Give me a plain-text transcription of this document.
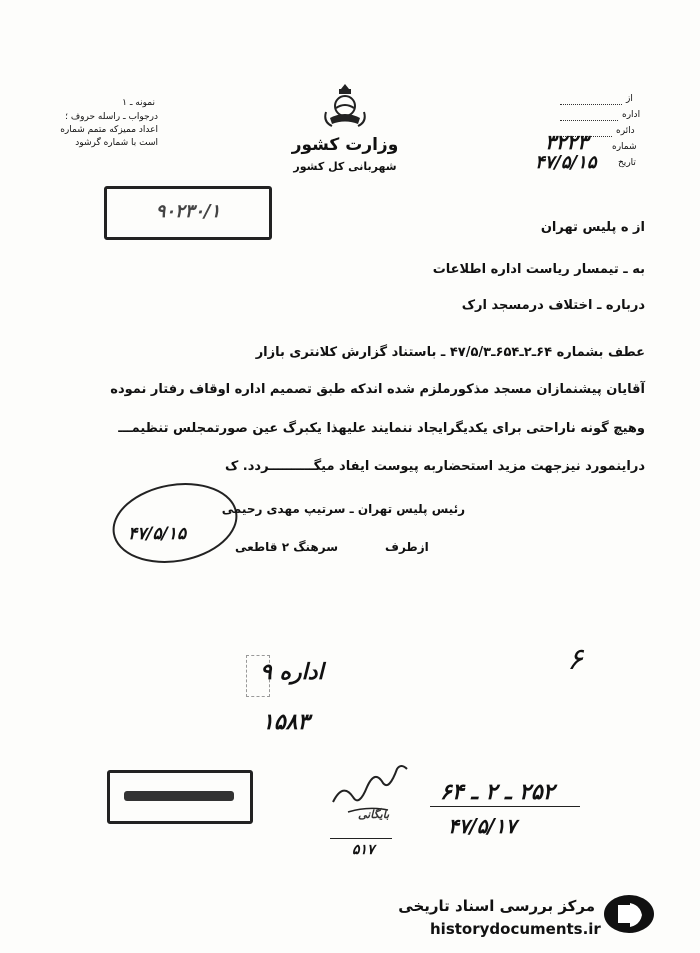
نمونه ـ ۱
درجواب ـ راسله حروف ؛
اعداد ممیزکه متمم شماره
است با شماره گرشود	وزارت کشور
شهربانی کل کشور
از
اداره
دائره
شماره
۳۲۲۳
تاریخ
۴۷/۵/۱۵
۹۰۲۳۰/۱
از ه پلیس تهران
به ـ تیمسار ریاست اداره اطلاعات
درباره ـ اختلاف درمسجد ارک
عطف بشماره ۶۴ـ۲ـ۶۵۴ـ۴۷/۵/۳ ـ باستناد گزارش کلانتری بازار
آقایان پیشنمازان مسجد مذکورملزم شده اندکه طبق تصمیم اداره اوقاف رفتار نموده
وهیچ گونه ناراحتی برای یکدیگرایجاد ننمایند علیهذا یکبرگ عین صورتمجلس تنظیمـــ
دراینمورد نیزجهت مزید استحضاربه پیوست ایفاد میگــــــــــردد. ک
۴۷/۵/۱۵
رئیس پلیس تهران ـ سرتیپ مهدی رحیمی
ازطرف
سرهنگ ۲ قاطعی
۶
اداره ۹
۱۵۸۳
بایگانی
۵۱۷
۲۵۲ ـ ۲ ـ ۶۴
۴۷/۵/۱۷
مرکز بررسی اسناد تاریخی
historydocuments.ir
